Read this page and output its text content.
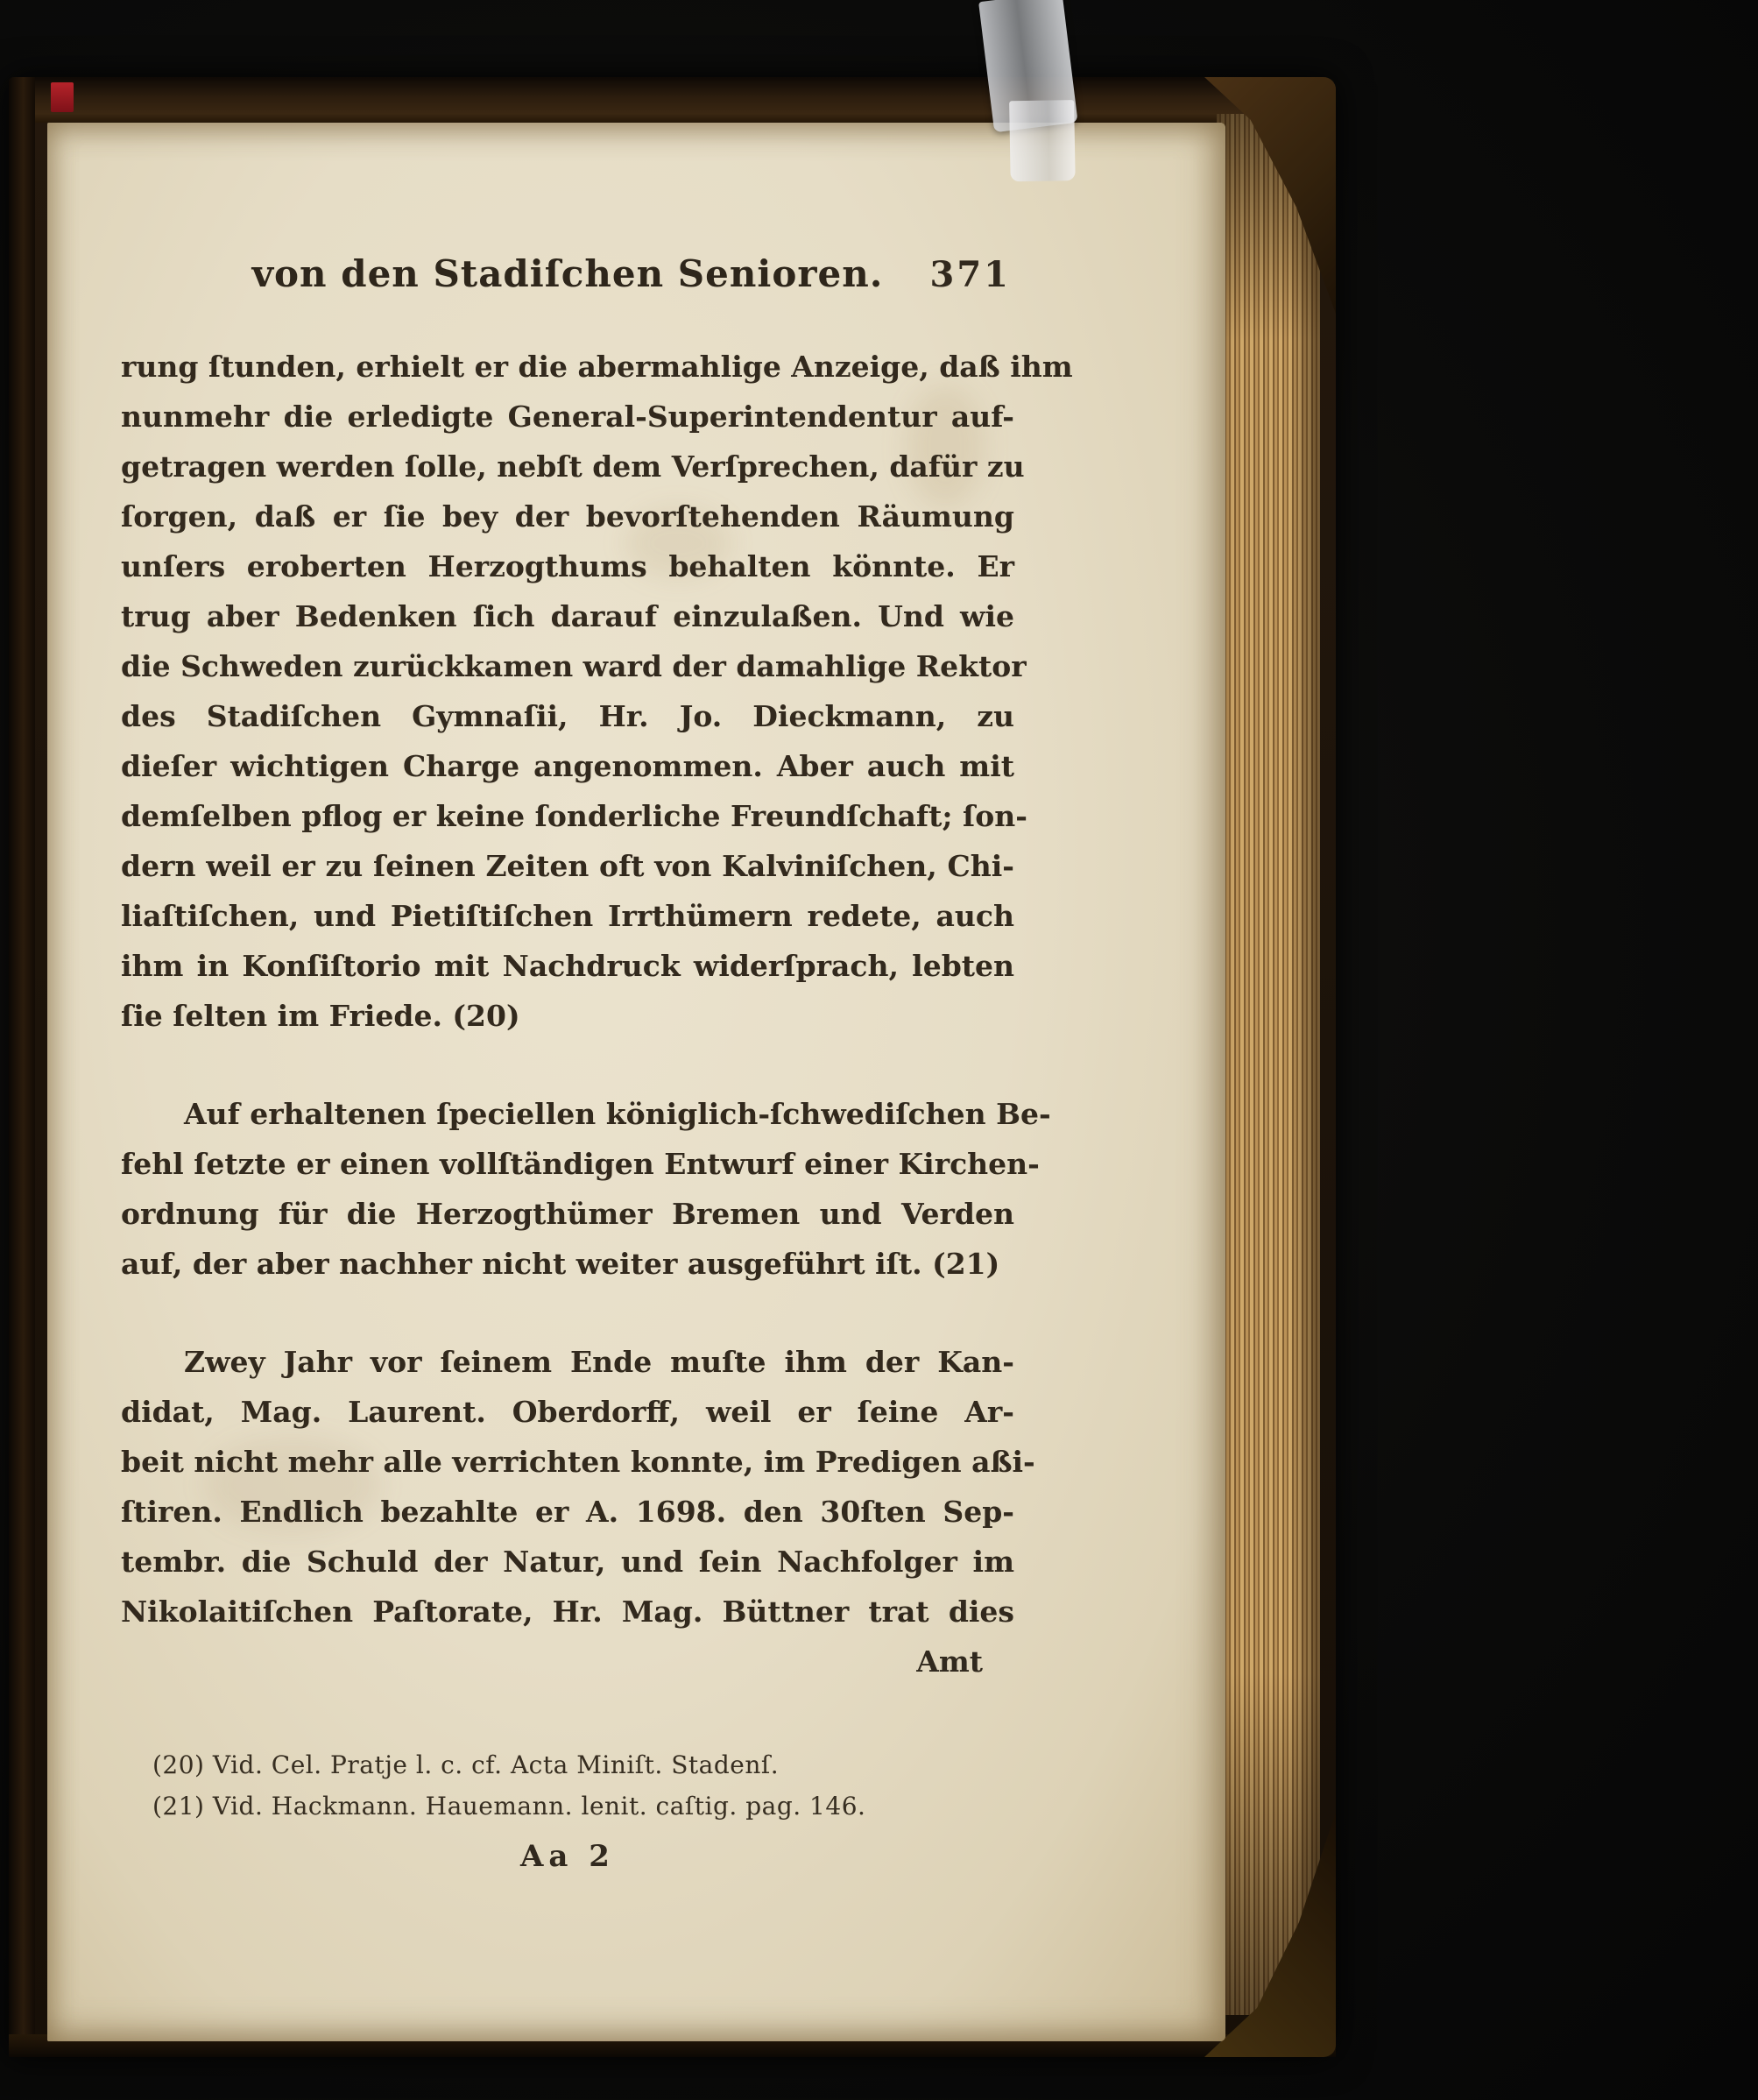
von den Stadiſchen Senioren.	371
rung ſtunden, erhielt er die abermahlige Anzeige, daß ihm
nunmehr die erledigte General-Superintendentur auf-
getragen werden ſolle, nebſt dem Verſprechen, dafür zu
ſorgen, daß er ſie bey der bevorſtehenden Räumung
unſers eroberten Herzogthums behalten könnte. Er
trug aber Bedenken ſich darauf einzulaßen. Und wie
die Schweden zurückkamen ward der damahlige Rektor
des Stadiſchen Gymnaſii, Hr. Jo. Dieckmann, zu
dieſer wichtigen Charge angenommen. Aber auch mit
demſelben pflog er keine ſonderliche Freundſchaft; ſon-
dern weil er zu ſeinen Zeiten oft von Kalviniſchen, Chi-
liaſtiſchen, und Pietiſtiſchen Irrthümern redete, auch
ihm in Konſiſtorio mit Nachdruck widerſprach, lebten
ſie ſelten im Friede. (20)
Auf erhaltenen ſpeciellen königlich-ſchwediſchen Be-
fehl ſetzte er einen vollſtändigen Entwurf einer Kirchen-
ordnung für die Herzogthümer Bremen und Verden
auf, der aber nachher nicht weiter ausgeführt iſt. (21)
Zwey Jahr vor ſeinem Ende muſte ihm der Kan-
didat, Mag. Laurent. Oberdorff, weil er ſeine Ar-
beit nicht mehr alle verrichten konnte, im Predigen aßi-
ſtiren. Endlich bezahlte er A. 1698. den 30ſten Sep-
tembr. die Schuld der Natur, und ſein Nachfolger im
Nikolaitiſchen Paſtorate, Hr. Mag. Büttner trat dies
Amt
(20) Vid. Cel. Pratje l. c. cf. Acta Miniſt. Stadenſ.
(21) Vid. Hackmann. Hauemann. lenit. caſtig. pag. 146.
Aa 2
